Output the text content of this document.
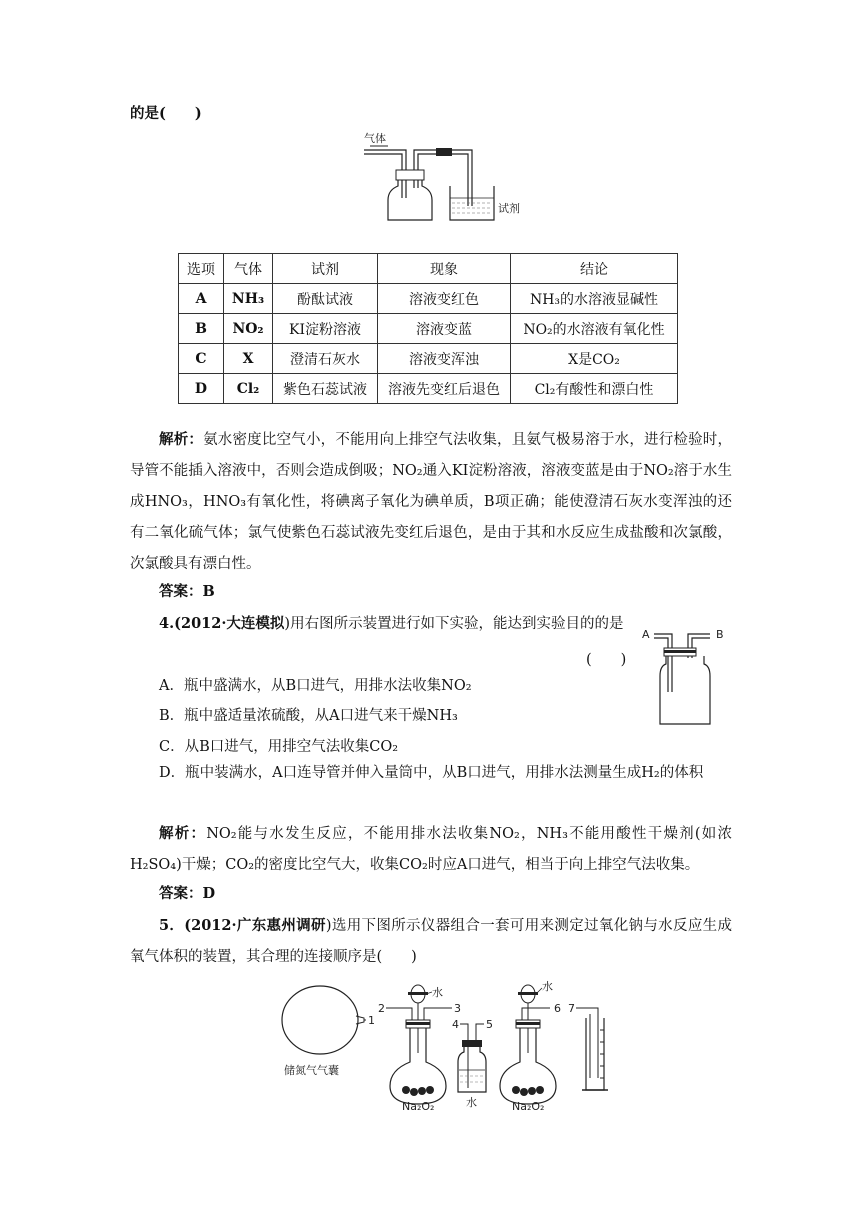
的是(　　)
气体
试剂
选项	气体	试剂	现象	结论
A	NH₃	酚酞试液	溶液变红色	NH₃的水溶液显碱性
B	NO₂	KI淀粉溶液	溶液变蓝	NO₂的水溶液有氧化性
C	X	澄清石灰水	溶液变浑浊	X是CO₂
D	Cl₂	紫色石蕊试液	溶液先变红后退色	Cl₂有酸性和漂白性
解析：氨水密度比空气小，不能用向上排空气法收集，且氨气极易溶于水，进行检验时，导管不能插入溶液中，否则会造成倒吸；NO₂通入KI淀粉溶液，溶液变蓝是由于NO₂溶于水生成HNO₃，HNO₃有氧化性，将碘离子氧化为碘单质，B项正确；能使澄清石灰水变浑浊的还有二氧化硫气体；氯气使紫色石蕊试液先变红后退色，是由于其和水反应生成盐酸和次氯酸，次氯酸具有漂白性。
答案：B
4.(2012·大连模拟)用右图所示装置进行如下实验，能达到实验目的的是
(　　)
A	B
A．瓶中盛满水，从B口进气，用排水法收集NO₂
B．瓶中盛适量浓硫酸，从A口进气来干燥NH₃
C．从B口进气，用排空气法收集CO₂
D．瓶中装满水，A口连导管并伸入量筒中，从B口进气，用排水法测量生成H₂的体积
解析：NO₂能与水发生反应，不能用排水法收集NO₂，NH₃不能用酸性干燥剂(如浓H₂SO₄)干燥；CO₂的密度比空气大，收集CO₂时应A口进气，相当于向上排空气法收集。
答案：D
5．(2012·广东惠州调研)选用下图所示仪器组合一套可用来测定过氧化钠与水反应生成氧气体积的装置，其合理的连接顺序是(　　)
1
储氮气气囊
水
2	3
Na₂O₂
4 5
水
水
6 7
Na₂O₂
